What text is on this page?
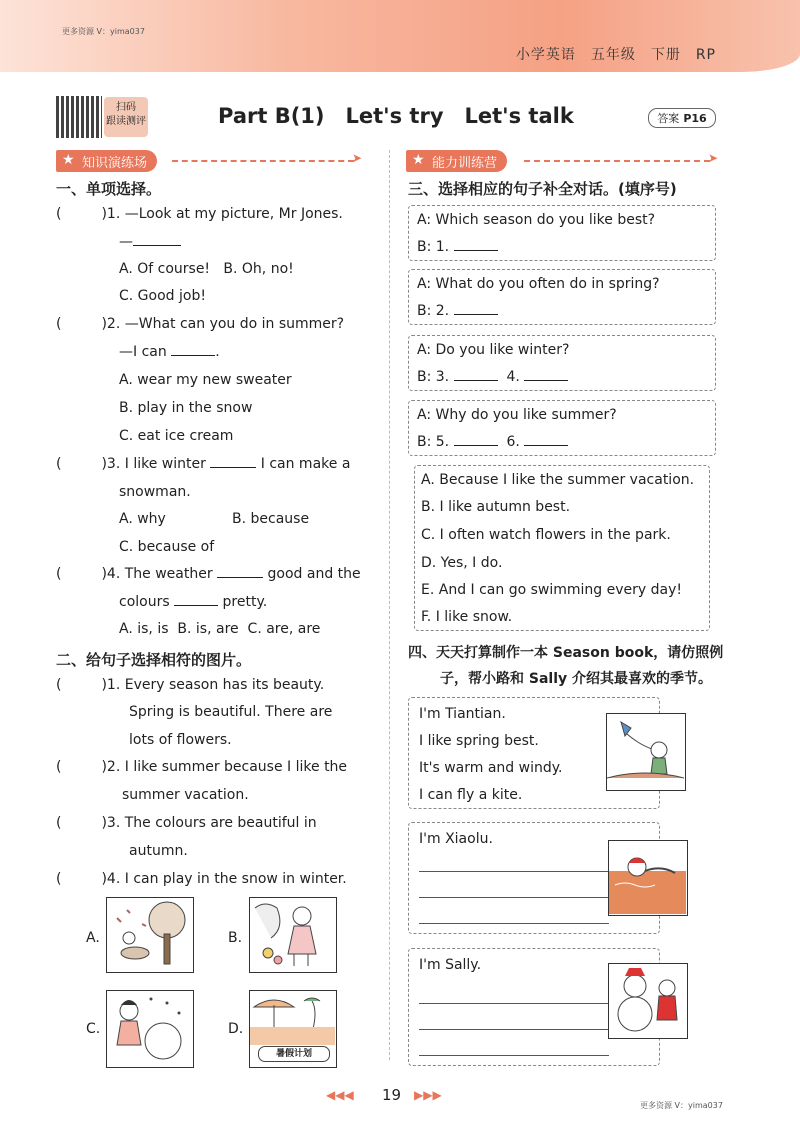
更多资源 V：yima037
小学英语　五年级　下册　RP
扫码
跟读测评	Part B(1)　Let's try　Let's talk	答案 P16
★ 知识演练场	➤	★ 能力训练营	➤
一、单项选择。
(	)1. —Look at my picture, Mr Jones.
—
A. Of course! B. Oh, no!
C. Good job!
(	)2. —What can you do in summer?
—I can	.
A. wear my new sweater
B. play in the snow
C. eat ice cream
(	)3. I like winter	I can make a
snowman.
A. why	B. because
C. because of
(	)4. The weather	good and the
colours	pretty.
A. is, is B. is, are C. are, are
二、给句子选择相符的图片。
(	)1. Every season has its beauty.
Spring is beautiful. There are
lots of flowers.
(	)2. I like summer because I like the
summer vacation.
(	)3. The colours are beautiful in
autumn.
(	)4. I can play in the snow in winter.
A.	B.
C.	D.
暑假计划
三、选择相应的句子补全对话。(填序号)
A: Which season do you like best?
B: 1.
A: What do you often do in spring?
B: 2.
A: Do you like winter?
B: 3.	4.
A: Why do you like summer?
B: 5.	6.
A. Because I like the summer vacation.
B. I like autumn best.
C. I often watch flowers in the park.
D. Yes, I do.
E. And I can go swimming every day!
F. I like snow.
四、天天打算制作一本 Season book，请仿照例
子，帮小路和 Sally 介绍其最喜欢的季节。
I'm Tiantian.
I like spring best.
It's warm and windy.
I can fly a kite.
I'm Xiaolu.
I'm Sally.
◀◀◀ 19 ▶▶▶
更多资源 V：yima037
